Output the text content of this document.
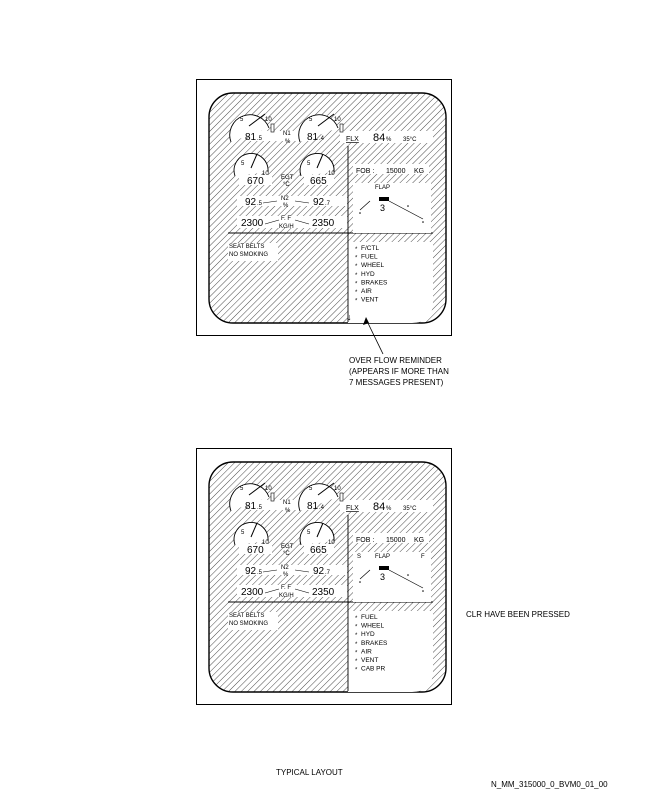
5	10	5	10
81 .5
N1
% 81 .4	FLX 84 % 35°C
5
10
5
10
670	EGT
°C 665
FOB : 15000 KG
92 .5
N2
% 92 .7
2300	F. F
KG/H 2350
FLAP
3
SEAT BELTS
NO SMOKING
* F/CTL
* FUEL
* WHEEL
* HYD
* BRAKES
* AIR
* VENT
↓
5	10	5	10
81 .5
N1
% 81 .4	FLX 84 % 35°C
5
10
5
10
670	EGT
°C 665
FOB : 15000 KG
92 .5
N2
% 92 .7
2300	F. F
KG/H 2350
FLAP
S	F
3
SEAT BELTS
NO SMOKING
* FUEL
* WHEEL
* HYD
* BRAKES
* AIR
* VENT
* CAB PR
OVER FLOW REMINDER
(APPEARS IF MORE THAN
7 MESSAGES PRESENT)
CLR HAVE BEEN PRESSED
TYPICAL LAYOUT
N_MM_315000_0_BVM0_01_00
